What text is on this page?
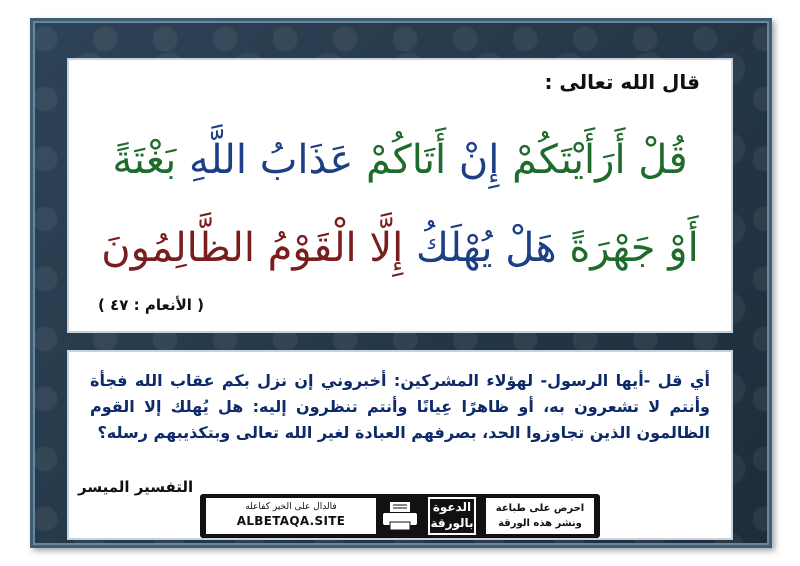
قال الله تعالى :
قُلْ أَرَأَيْتَكُمْ إِنْ أَتَاكُمْ عَذَابُ اللَّهِ بَغْتَةً
أَوْ جَهْرَةً هَلْ يُهْلَكُ إِلَّا الْقَوْمُ الظَّالِمُونَ
( الأنعام : ٤٧ )
أي قل -أيها الرسول- لهؤلاء المشركين: أخبروني إن نزل بكم عقاب الله فجأة وأنتم لا تشعرون به، أو ظاهرًا عِيانًا وأنتم تنظرون إليه: هل يُهلك إلا القوم الظالمون الذين تجاوزوا الحد، بصرفهم العبادة لغير الله تعالى وبتكذيبهم رسله؟
التفسير الميسر
احرص على طباعة
ونشر هذه الورقة
الدعوة
بالورقة
فالدال على الخير كفاعله
ALBETAQA.SITE
